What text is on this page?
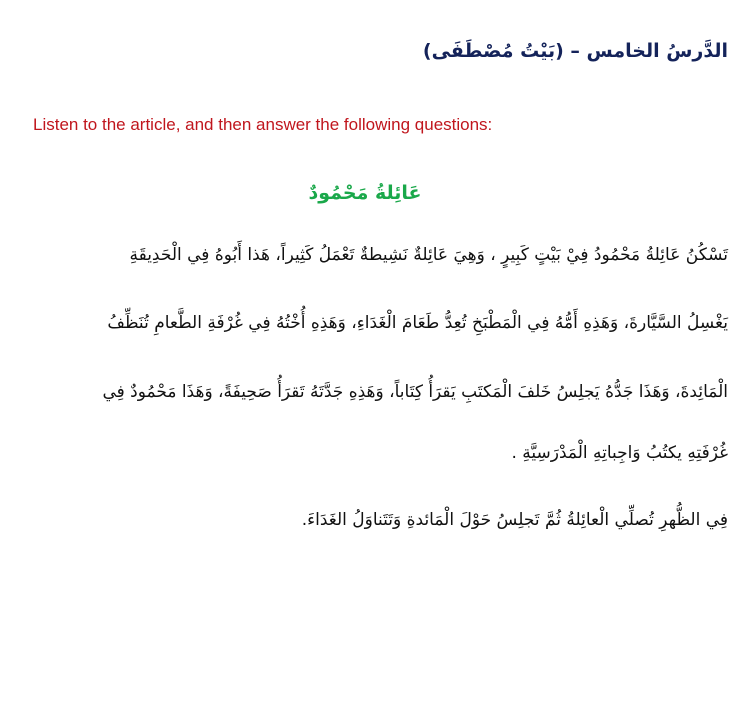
الدَّرسُ الخامس – (بَيْتُ مُصْطَفَى)
Listen to the article, and then answer the following questions:
عَائِلةُ مَحْمُودٌ
تَسْكُنُ عَائِلةُ مَحْمُودُ فِيْ بَيْتٍ كَبِيرٍ ، وَهِيَ عَائِلةٌ نَشِيطةٌ تَعْمَلُ كَثِيراً، هَذا أَبُوهُ فِي الْحَدِيقَةِ
يَغْسِلُ السَّيَّارةَ، وَهَذِهِ أَمُّهُ فِي الْمَطْبَخِ تُعِدُّ طَعَامَ الْغَدَاءِ، وَهَذِهِ أُخْتُهُ فِي غُرْفَةِ الطَّعامِ تُنَظِّفُ
الْمَائِدةَ، وَهَذَا جَدُّهُ يَجلِسُ خَلفَ الْمَكتَبِ يَقرَأُ كِتَاباً، وَهَذِهِ جَدَّتَهُ تَقرَأُ صَحِيفَةً، وَهَذَا مَحْمُودٌ فِي
غُرْفَتِهِ يكتُبُ وَاجِباتِهِ الْمَدْرَسِيَّةِ .
فِي الظُّهرِ تُصلِّي الْعائِلةُ ثُمَّ تَجلِسُ حَوْلَ الْمَائدةِ وَتَتَناوَلُ الغَدَاءَ.
